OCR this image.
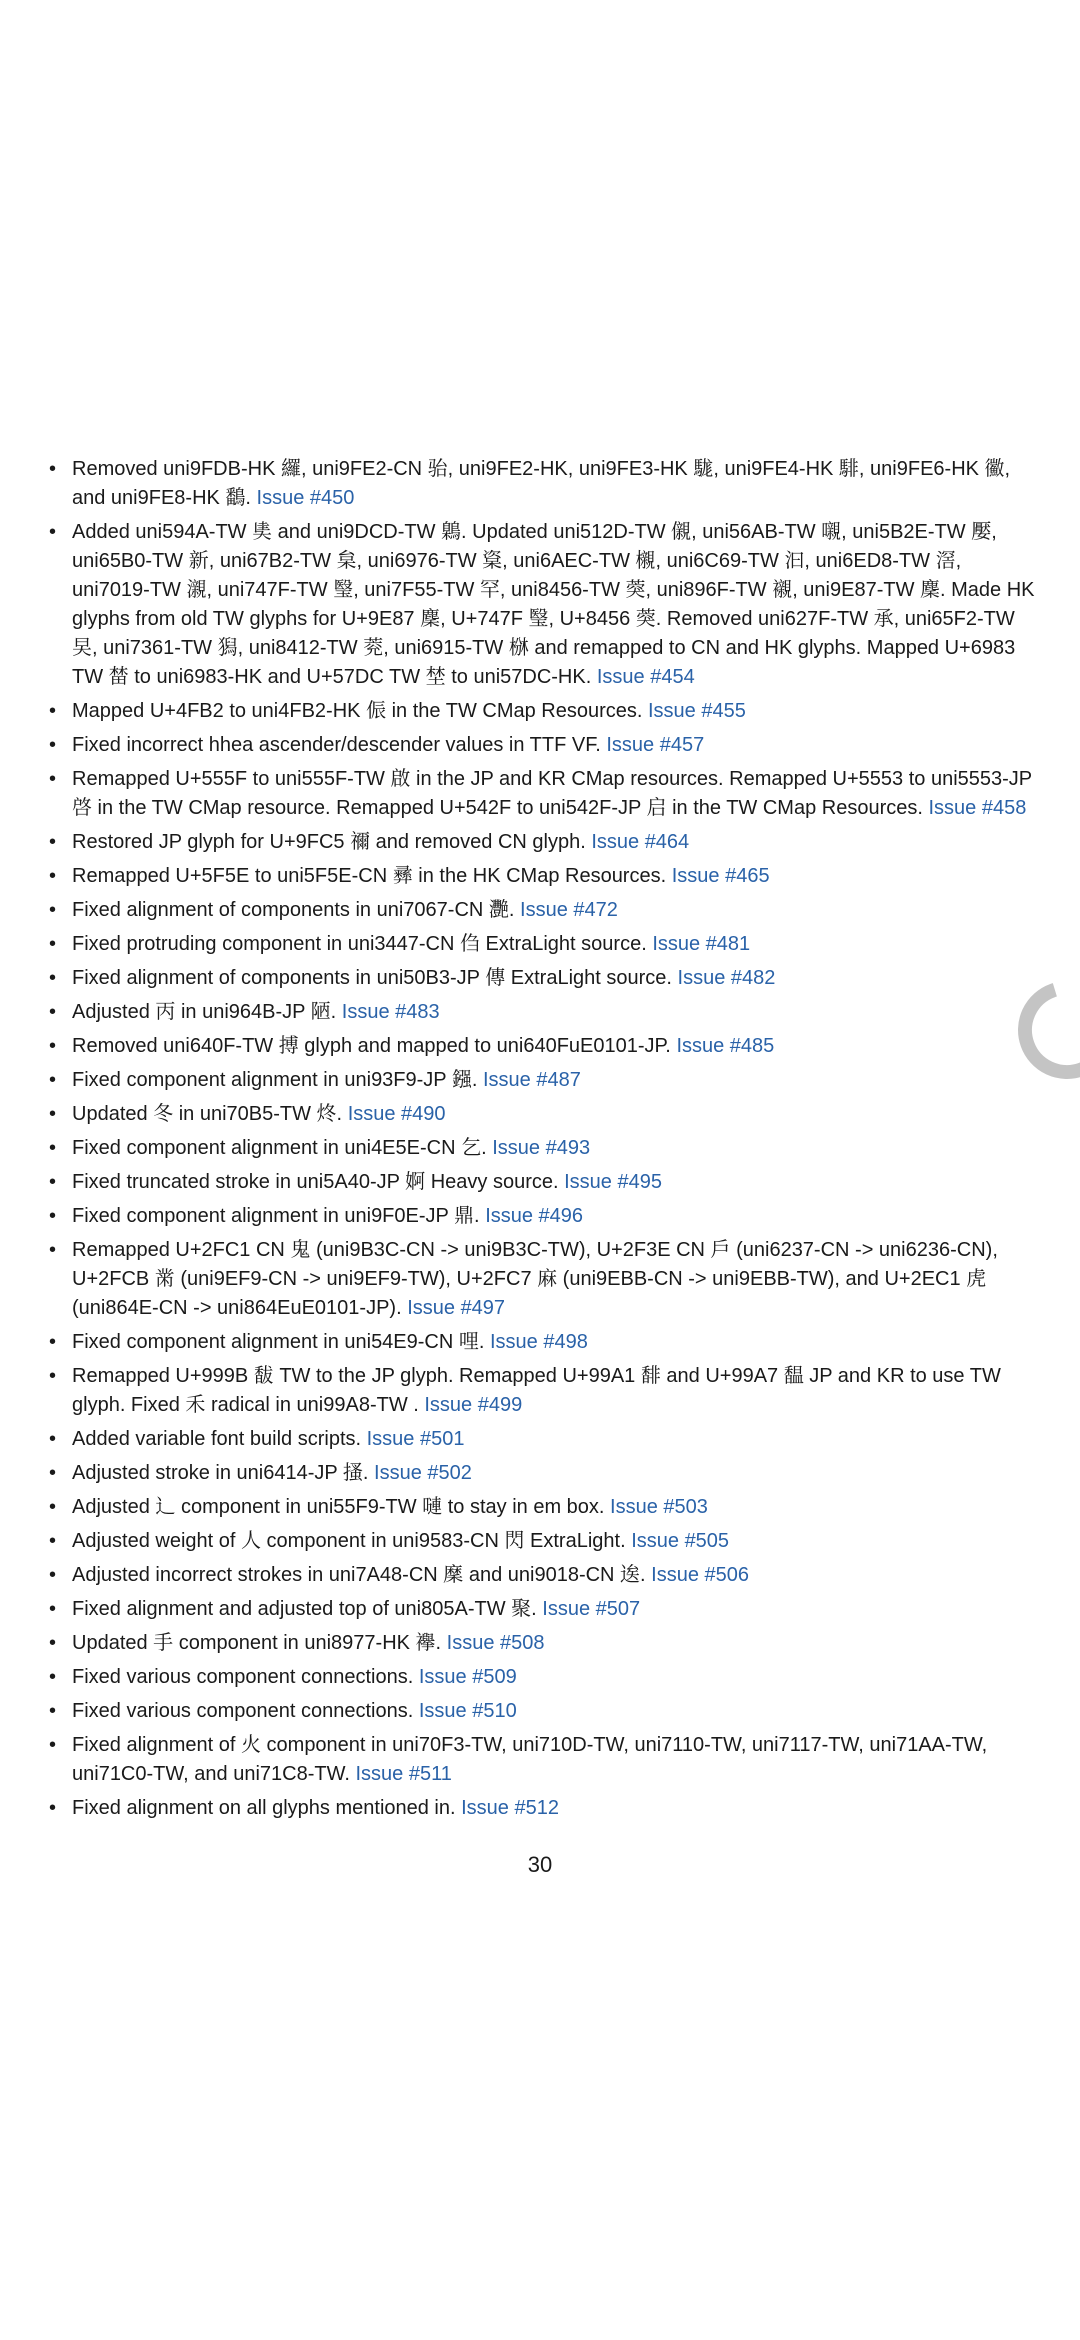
• Removed uni9FDB-HK 纙, uni9FE2-CN 骀, uni9FE2-HK, uni9FE3-HK 駹, uni9FE4-HK 騑, uni9FE6-HK 鰴, and uni9FE8-HK 鷭. Issue #450
• Added uni594A-TW 奊 and uni9DCD-TW 鷍. Updated uni512D-TW 儭, uni56AB-TW 嚫, uni5B2E-TW 嬮, uni65B0-TW 新, uni67B2-TW 枲, uni6976-TW 楶, uni6AEC-TW 櫬, uni6C69-TW 汩, uni6ED8-TW 滘, uni7019-TW 瀙, uni747F-TW 瑿, uni7F55-TW 罕, uni8456-TW 葖, uni896F-TW 襯, uni9E87-TW 麇. Made HK glyphs from old TW glyphs for U+9E87 麇, U+747F 瑿, U+8456 葖. Removed uni627F-TW 承, uni65F2-TW 旲, uni7361-TW 獡, uni8412-TW 萒, uni6915-TW 椕 and remapped to CN and HK glyphs. Mapped U+6983 TW 榃 to uni6983-HK and U+57DC TW 埜 to uni57DC-HK. Issue #454
• Mapped U+4FB2 to uni4FB2-HK 侲 in the TW CMap Resources. Issue #455
• Fixed incorrect hhea ascender/descender values in TTF VF. Issue #457
• Remapped U+555F to uni555F-TW 啟 in the JP and KR CMap resources. Remapped U+5553 to uni5553-JP 啓 in the TW CMap resource. Remapped U+542F to uni542F-JP 启 in the TW CMap Resources. Issue #458
• Restored JP glyph for U+9FC5 禰 and removed CN glyph. Issue #464
• Remapped U+5F5E to uni5F5E-CN 彞 in the HK CMap Resources. Issue #465
• Fixed alignment of components in uni7067-CN 灧. Issue #472
• Fixed protruding component in uni3447-CN 㑇 ExtraLight source. Issue #481
• Fixed alignment of components in uni50B3-JP 傳 ExtraLight source. Issue #482
• Adjusted 丙 in uni964B-JP 陋. Issue #483
• Removed uni640F-TW 搏 glyph and mapped to uni640FuE0101-JP. Issue #485
• Fixed component alignment in uni93F9-JP 鏹. Issue #487
• Updated 冬 in uni70B5-TW 炵. Issue #490
• Fixed component alignment in uni4E5E-CN 乞. Issue #493
• Fixed truncated stroke in uni5A40-JP 婀 Heavy source. Issue #495
• Fixed component alignment in uni9F0E-JP 鼎. Issue #496
• Remapped U+2FC1 CN 鬼 (uni9B3C-CN -> uni9B3C-TW), U+2F3E CN 戶 (uni6237-CN -> uni6236-CN), U+2FCB 黹 (uni9EF9-CN -> uni9EF9-TW), U+2FC7 麻 (uni9EBB-CN -> uni9EBB-TW), and U+2EC1 虎 (uni864E-CN -> uni864EuE0101-JP). Issue #497
• Fixed component alignment in uni54E9-CN 哩. Issue #498
• Remapped U+999B 馛 TW to the JP glyph. Remapped U+99A1 馡 and U+99A7 馧 JP and KR to use TW glyph. Fixed 禾 radical in uni99A8-TW . Issue #499
• Added variable font build scripts. Issue #501
• Adjusted stroke in uni6414-JP 搔. Issue #502
• Adjusted 辶 component in uni55F9-TW 嗹 to stay in em box. Issue #503
• Adjusted weight of 人 component in uni9583-CN 閃 ExtraLight. Issue #505
• Adjusted incorrect strokes in uni7A48-CN 穈 and uni9018-CN 逘. Issue #506
• Fixed alignment and adjusted top of uni805A-TW 聚. Issue #507
• Updated 手 component in uni8977-HK 襷. Issue #508
• Fixed various component connections. Issue #509
• Fixed various component connections. Issue #510
• Fixed alignment of 火 component in uni70F3-TW, uni710D-TW, uni7110-TW, uni7117-TW, uni71AA-TW, uni71C0-TW, and uni71C8-TW. Issue #511
• Fixed alignment on all glyphs mentioned in. Issue #512
30
